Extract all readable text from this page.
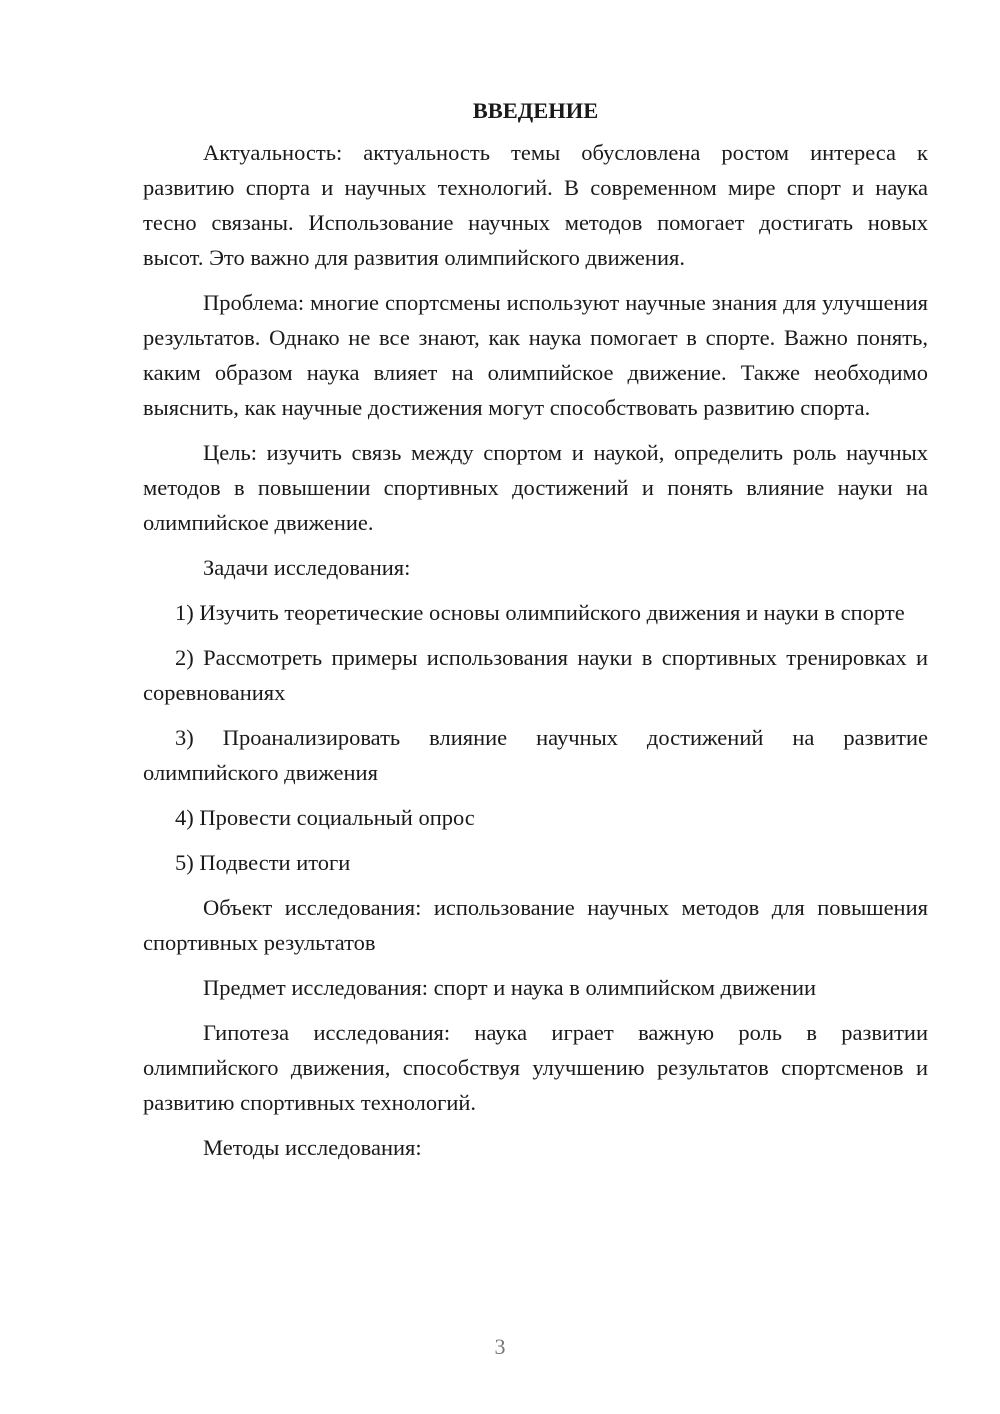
ВВЕДЕНИЕ

Актуальность: актуальность темы обусловлена ростом интереса к развитию спорта и научных технологий. В современном мире спорт и наука тесно связаны. Использование научных методов помогает достигать новых высот. Это важно для развития олимпийского движения.

Проблема: многие спортсмены используют научные знания для улучшения результатов. Однако не все знают, как наука помогает в спорте. Важно понять, каким образом наука влияет на олимпийское движение. Также необходимо выяснить, как научные достижения могут способствовать развитию спорта.

Цель: изучить связь между спортом и наукой, определить роль научных методов в повышении спортивных достижений и понять влияние науки на олимпийское движение.

Задачи исследования:

1) Изучить теоретические основы олимпийского движения и науки в спорте

2) Рассмотреть примеры использования науки в спортивных тренировках и соревнованиях

3) Проанализировать влияние научных достижений на развитие олимпийского движения

4) Провести социальный опрос

5) Подвести итоги

Объект исследования: использование научных методов для повышения спортивных результатов

Предмет исследования: спорт и наука в олимпийском движении

Гипотеза исследования: наука играет важную роль в развитии олимпийского движения, способствуя улучшению результатов спортсменов и развитию спортивных технологий.

Методы исследования:

3
